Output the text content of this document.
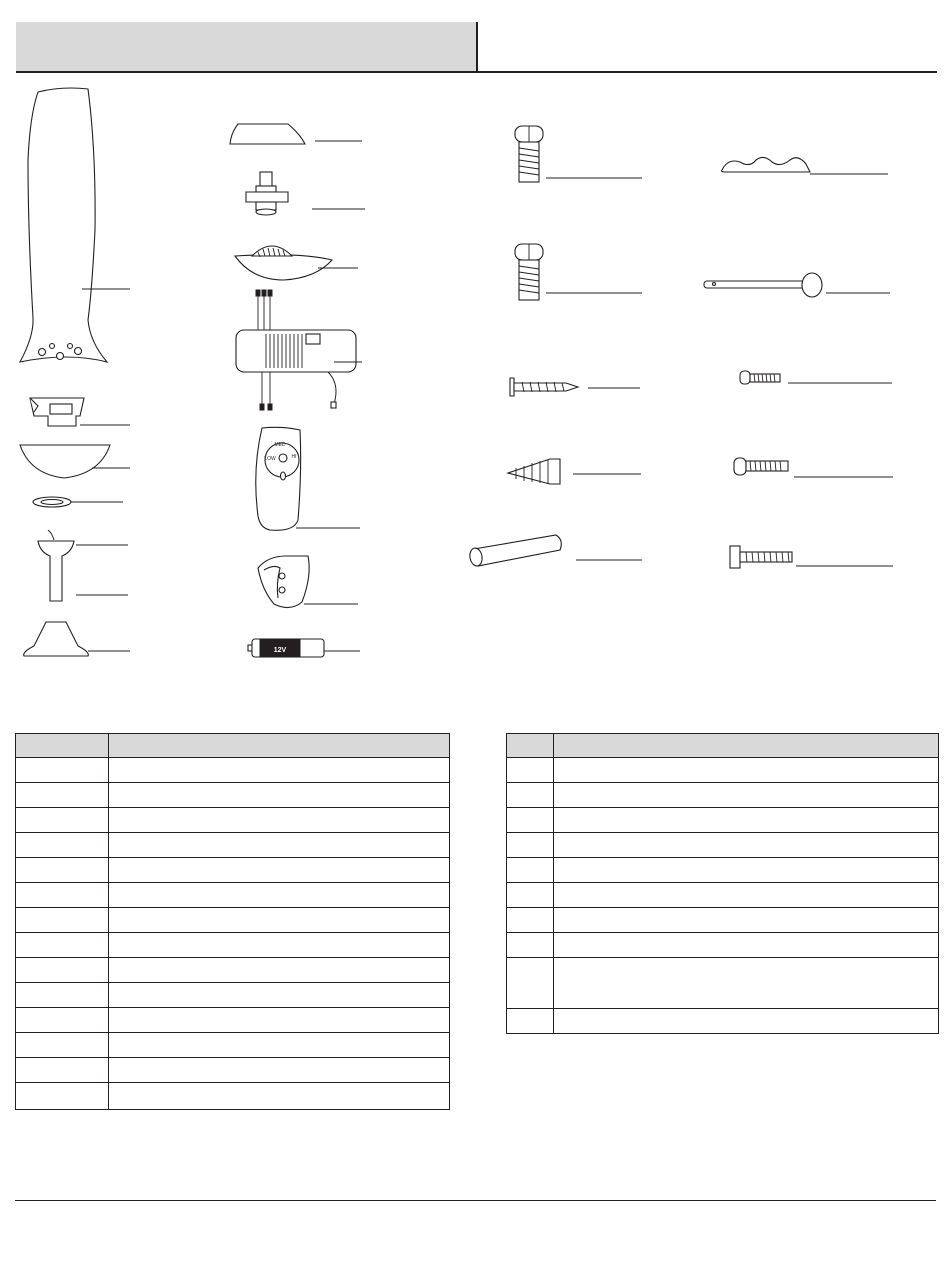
MED
LOW	HI
12V
